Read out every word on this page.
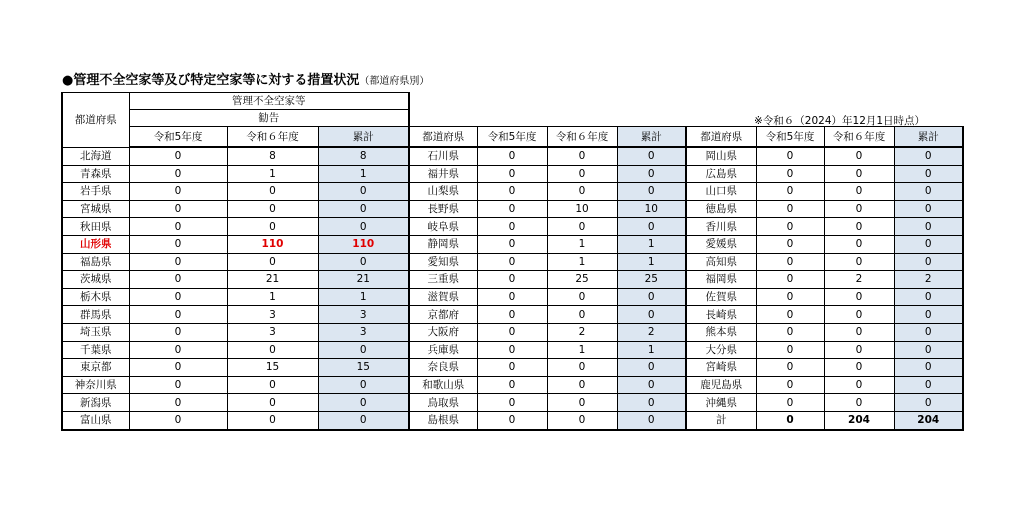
●管理不全空家等及び特定空家等に対する措置状況（都道府県別）
※令和６（2024）年12月1日時点）
都道府県	管理不全空家等										
	勧告										
	令和5年度	令和６年度	累計	都道府県	令和5年度	令和６年度	累計	都道府県	令和5年度	令和６年度	累計
北海道	0	8	8	石川県	0	0	0	岡山県	0	0	0
青森県	0	1	1	福井県	0	0	0	広島県	0	0	0
岩手県	0	0	0	山梨県	0	0	0	山口県	0	0	0
宮城県	0	0	0	長野県	0	10	10	徳島県	0	0	0
秋田県	0	0	0	岐阜県	0	0	0	香川県	0	0	0
山形県	0	110	110	静岡県	0	1	1	愛媛県	0	0	0
福島県	0	0	0	愛知県	0	1	1	高知県	0	0	0
茨城県	0	21	21	三重県	0	25	25	福岡県	0	2	2
栃木県	0	1	1	滋賀県	0	0	0	佐賀県	0	0	0
群馬県	0	3	3	京都府	0	0	0	長崎県	0	0	0
埼玉県	0	3	3	大阪府	0	2	2	熊本県	0	0	0
千葉県	0	0	0	兵庫県	0	1	1	大分県	0	0	0
東京都	0	15	15	奈良県	0	0	0	宮崎県	0	0	0
神奈川県	0	0	0	和歌山県	0	0	0	鹿児島県	0	0	0
新潟県	0	0	0	鳥取県	0	0	0	沖縄県	0	0	0
富山県	0	0	0	島根県	0	0	0	計	0	204	204
